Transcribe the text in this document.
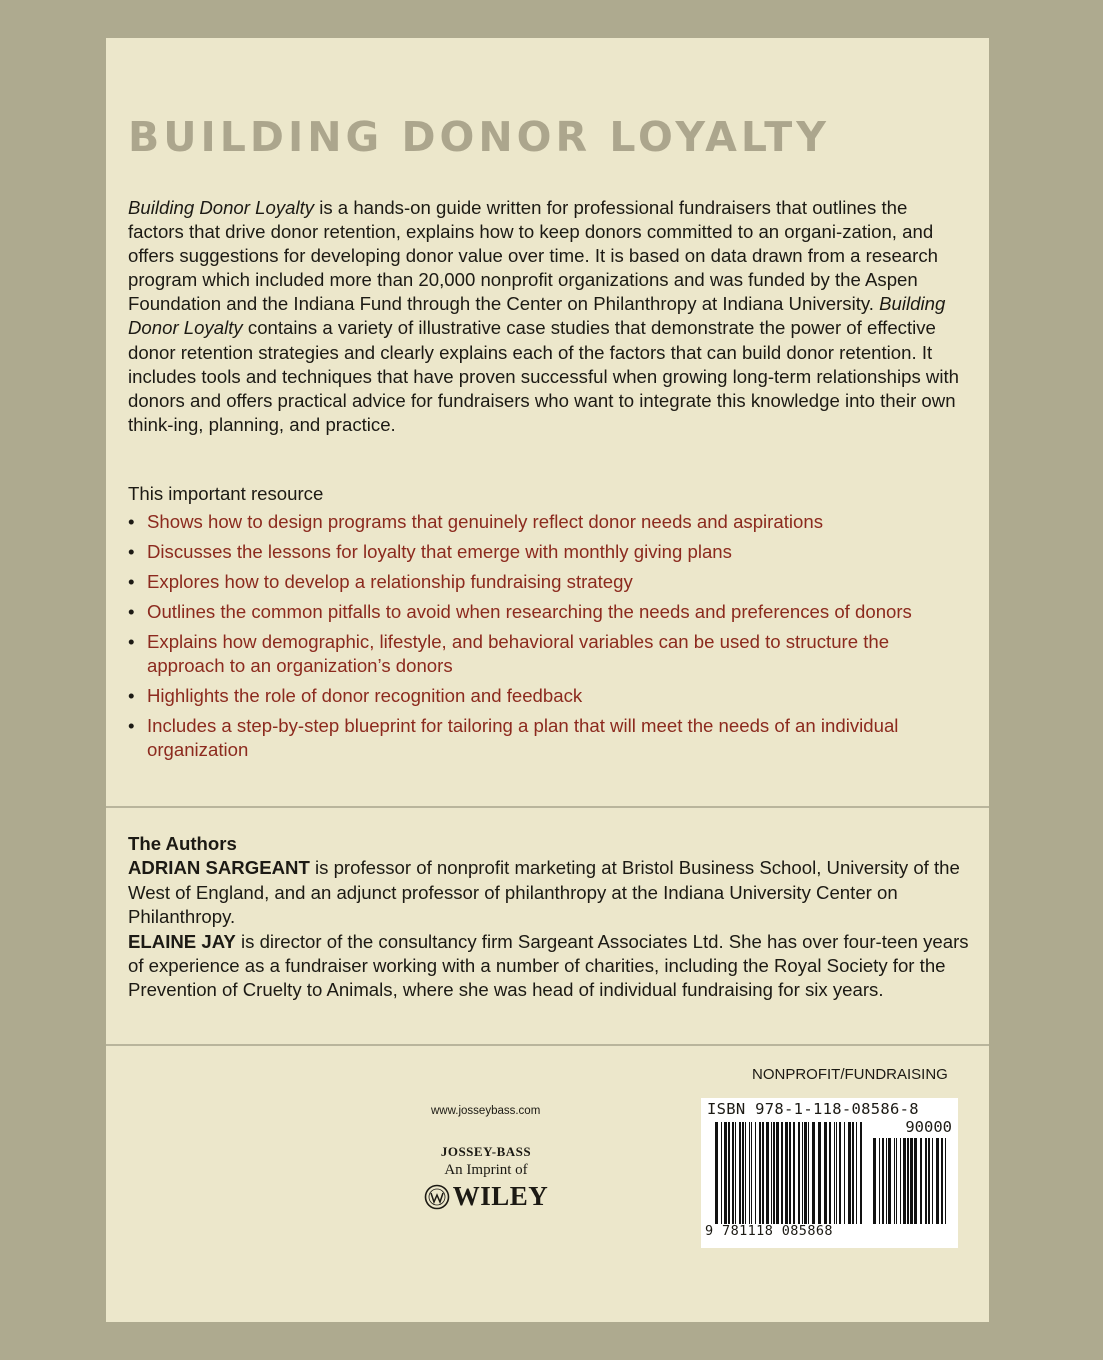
BUILDING DONOR LOYALTY

Building Donor Loyalty is a hands-on guide written for professional fundraisers that outlines the factors that drive donor retention, explains how to keep donors committed to an organi-zation, and offers suggestions for developing donor value over time. It is based on data drawn from a research program which included more than 20,000 nonprofit organizations and was funded by the Aspen Foundation and the Indiana Fund through the Center on Philanthropy at Indiana University. Building Donor Loyalty contains a variety of illustrative case studies that demonstrate the power of effective donor retention strategies and clearly explains each of the factors that can build donor retention. It includes tools and techniques that have proven successful when growing long-term relationships with donors and offers practical advice for fundraisers who want to integrate this knowledge into their own think-ing, planning, and practice.

This important resource

• Shows how to design programs that genuinely reflect donor needs and aspirations
• Discusses the lessons for loyalty that emerge with monthly giving plans
• Explores how to develop a relationship fundraising strategy
• Outlines the common pitfalls to avoid when researching the needs and preferences of donors
• Explains how demographic, lifestyle, and behavioral variables can be used to structure the approach to an organization’s donors
• Highlights the role of donor recognition and feedback
• Includes a step-by-step blueprint for tailoring a plan that will meet the needs of an individual organization

The Authors

ADRIAN SARGEANT is professor of nonprofit marketing at Bristol Business School, University of the West of England, and an adjunct professor of philanthropy at the Indiana University Center on Philanthropy.

ELAINE JAY is director of the consultancy firm Sargeant Associates Ltd. She has over four-teen years of experience as a fundraiser working with a number of charities, including the Royal Society for the Prevention of Cruelty to Animals, where she was head of individual fundraising for six years.

NONPROFIT/FUNDRAISING

www.josseybass.com

JOSSEY-BASS
An Imprint of
WILEY

ISBN 978-1-118-08586-8

90000

9 781118 085868
